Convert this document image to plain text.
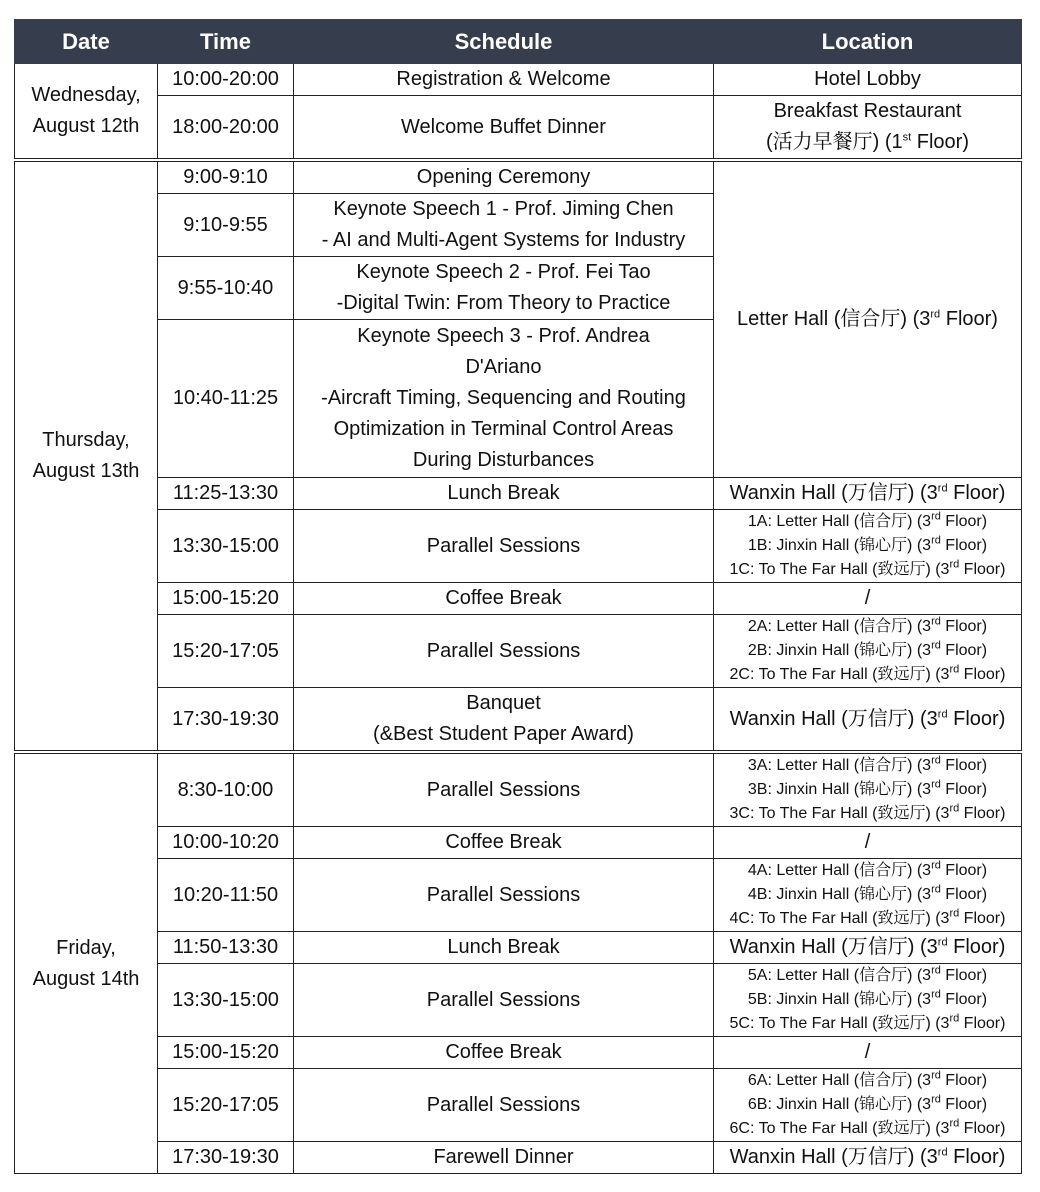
Date	Time	Schedule	Location

Wednesday,
August 12th	10:00-20:00	Registration & Welcome	Hotel Lobby

	18:00-20:00	Welcome Buffet Dinner	Breakfast Restaurant
(活力早餐厅) (1st Floor)

Thursday,
August 13th	9:00-9:10	Opening Ceremony	Letter Hall (信合厅) (3rd Floor)

	9:10-9:55	Keynote Speech 1 - Prof. Jiming Chen
- AI and Multi-Agent Systems for Industry	

	9:55-10:40	Keynote Speech 2 - Prof. Fei Tao
-Digital Twin: From Theory to Practice	

	10:40-11:25	Keynote Speech 3 - Prof. Andrea
D'Ariano
-Aircraft Timing, Sequencing and Routing
Optimization in Terminal Control Areas
During Disturbances	

	11:25-13:30	Lunch Break	Wanxin Hall (万信厅) (3rd Floor)

	13:30-15:00	Parallel Sessions	1A: Letter Hall (信合厅) (3rd Floor)
1B: Jinxin Hall (锦心厅) (3rd Floor)
1C: To The Far Hall (致远厅) (3rd Floor)

	15:00-15:20	Coffee Break	/

	15:20-17:05	Parallel Sessions	2A: Letter Hall (信合厅) (3rd Floor)
2B: Jinxin Hall (锦心厅) (3rd Floor)
2C: To The Far Hall (致远厅) (3rd Floor)

	17:30-19:30	Banquet
(&Best Student Paper Award)	Wanxin Hall (万信厅) (3rd Floor)

Friday,
August 14th	8:30-10:00	Parallel Sessions	3A: Letter Hall (信合厅) (3rd Floor)
3B: Jinxin Hall (锦心厅) (3rd Floor)
3C: To The Far Hall (致远厅) (3rd Floor)

	10:00-10:20	Coffee Break	/

	10:20-11:50	Parallel Sessions	4A: Letter Hall (信合厅) (3rd Floor)
4B: Jinxin Hall (锦心厅) (3rd Floor)
4C: To The Far Hall (致远厅) (3rd Floor)

	11:50-13:30	Lunch Break	Wanxin Hall (万信厅) (3rd Floor)

	13:30-15:00	Parallel Sessions	5A: Letter Hall (信合厅) (3rd Floor)
5B: Jinxin Hall (锦心厅) (3rd Floor)
5C: To The Far Hall (致远厅) (3rd Floor)

	15:00-15:20	Coffee Break	/

	15:20-17:05	Parallel Sessions	6A: Letter Hall (信合厅) (3rd Floor)
6B: Jinxin Hall (锦心厅) (3rd Floor)
6C: To The Far Hall (致远厅) (3rd Floor)

	17:30-19:30	Farewell Dinner	Wanxin Hall (万信厅) (3rd Floor)
